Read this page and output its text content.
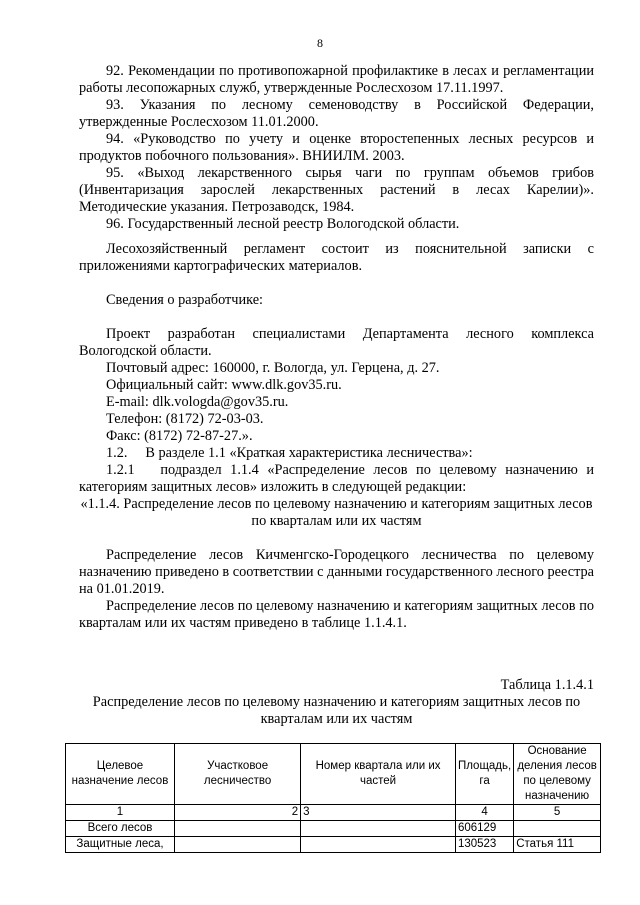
8

92. Рекомендации по противопожарной профилактике в лесах и регламентации работы лесопожарных служб, утвержденные Рослесхозом 17.11.1997.

93. Указания по лесному семеноводству в Российской Федерации, утвержденные Рослесхозом 11.01.2000.

94. «Руководство по учету и оценке второстепенных лесных ресурсов и продуктов побочного пользования». ВНИИЛМ. 2003.

95. «Выход лекарственного сырья чаги по группам объемов грибов (Инвентаризация зарослей лекарственных растений в лесах Карелии)». Методические указания. Петрозаводск, 1984.

96. Государственный лесной реестр Вологодской области.

Лесохозяйственный регламент состоит из пояснительной записки с приложениями картографических материалов.

Сведения о разработчике:

Проект разработан специалистами Департамента лесного комплекса Вологодской области.

Почтовый адрес: 160000, г. Вологда, ул. Герцена, д. 27.

Официальный сайт: www.dlk.gov35.ru.

E-mail: dlk.vologda@gov35.ru.

Телефон: (8172) 72-03-03.

Факс: (8172) 72-87-27.».

1.2. В разделе 1.1 «Краткая характеристика лесничества»:

1.2.1 подраздел 1.1.4 «Распределение лесов по целевому назначению и категориям защитных лесов» изложить в следующей редакции:

«1.1.4. Распределение лесов по целевому назначению и категориям защитных лесов по кварталам или их частям

Распределение лесов Кичменгско-Городецкого лесничества по целевому назначению приведено в соответствии с данными государственного лесного реестра на 01.01.2019.

Распределение лесов по целевому назначению и категориям защитных лесов по кварталам или их частям приведено в таблице 1.1.4.1.

Таблица 1.1.4.1

Распределение лесов по целевому назначению и категориям защитных лесов по кварталам или их частям

Целевое назначение лесов	Участковое лесничество	Номер квартала или их частей	Площадь, га	Основание деления лесов по целевому назначению
1	2	3	4	5
Всего лесов			606129	
Защитные леса,			130523	Статья 111
